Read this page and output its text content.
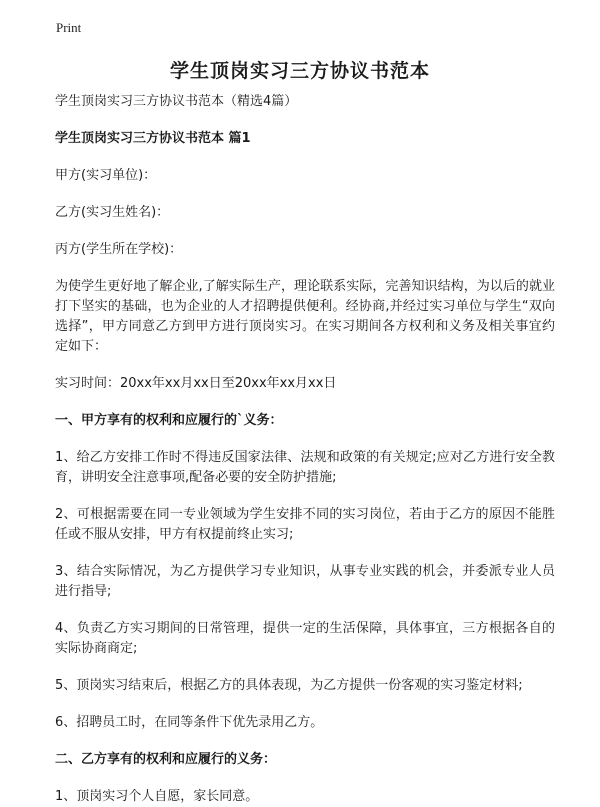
Print
学生顶岗实习三方协议书范本

学生顶岗实习三方协议书范本（精选4篇）

学生顶岗实习三方协议书范本 篇1

甲方(实习单位)：

乙方(实习生姓名)：

丙方(学生所在学校)：

为使学生更好地了解企业,了解实际生产，理论联系实际，完善知识结构，为以后的就业打下坚实的基础，也为企业的人才招聘提供便利。经协商,并经过实习单位与学生“双向选择”，甲方同意乙方到甲方进行顶岗实习。在实习期间各方权利和义务及相关事宜约定如下：

实习时间：20xx年xx月xx日至20xx年xx月xx日

一、甲方享有的权利和应履行的`义务：

1、给乙方安排工作时不得违反国家法律、法规和政策的有关规定;应对乙方进行安全教育，讲明安全注意事项,配备必要的安全防护措施;

2、可根据需要在同一专业领域为学生安排不同的实习岗位，若由于乙方的原因不能胜任或不服从安排，甲方有权提前终止实习;

3、结合实际情况，为乙方提供学习专业知识，从事专业实践的机会，并委派专业人员进行指导;

4、负责乙方实习期间的日常管理，提供一定的生活保障，具体事宜，三方根据各自的实际协商商定;

5、顶岗实习结束后，根据乙方的具体表现，为乙方提供一份客观的实习鉴定材料;

6、招聘员工时，在同等条件下优先录用乙方。

二、乙方享有的权利和应履行的义务：

1、顶岗实习个人自愿，家长同意。
